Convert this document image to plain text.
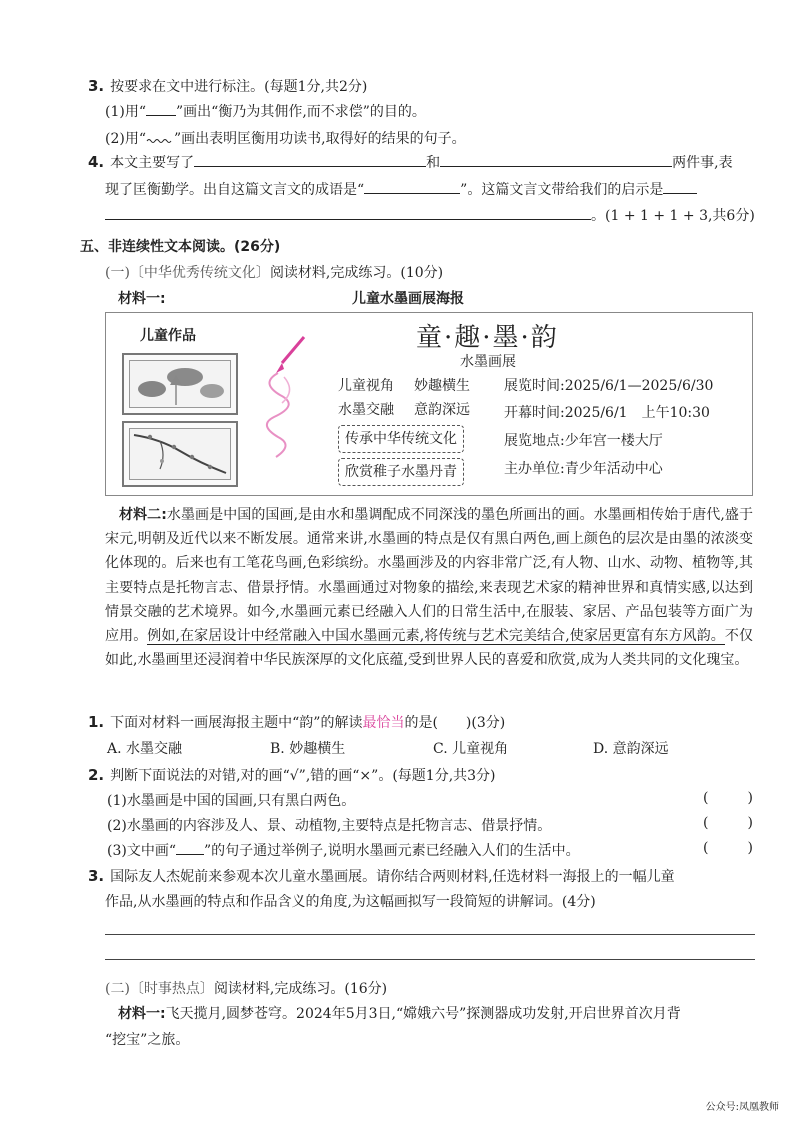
3. 按要求在文中进行标注。(每题1分,共2分)
(1)用“ ”画出“衡乃为其佣作,而不求偿”的目的。
(2)用“ ”画出表明匡衡用功读书,取得好的结果的句子。
4. 本文主要写了	和	两件事,表
现了匡衡勤学。出自这篇文言文的成语是“	”。这篇文言文带给我们的启示是
。(1 + 1 + 1 + 3,共6分)
五、非连续性文本阅读。(26分)
(一)〔中华优秀传统文化〕阅读材料,完成练习。(10分)
材料一:	儿童水墨画展海报
儿童作品	童·趣·墨·韵
水墨画展
儿童视角 妙趣横生
水墨交融 意韵深远
传承中华传统文化
欣赏稚子水墨丹青
展览时间:2025/6/1—2025/6/30
开幕时间:2025/6/1　上午10:30
展览地点:少年宫一楼大厅
主办单位:青少年活动中心

材料二:水墨画是中国的国画,是由水和墨调配成不同深浅的墨色所画出的画。水墨画相传始于唐代,盛于宋元,明朝及近代以来不断发展。通常来讲,水墨画的特点是仅有黑白两色,画上颜色的层次是由墨的浓淡变化体现的。后来也有工笔花鸟画,色彩缤纷。水墨画涉及的内容非常广泛,有人物、山水、动物、植物等,其主要特点是托物言志、借景抒情。水墨画通过对物象的描绘,来表现艺术家的精神世界和真情实感,以达到情景交融的艺术境界。如今,水墨画元素已经融入人们的日常生活中,在服装、家居、产品包装等方面广为应用。例如,在家居设计中经常融入中国水墨画元素,将传统与艺术完美结合,使家居更富有东方风韵。不仅如此,水墨画里还浸润着中华民族深厚的文化底蕴,受到世界人民的喜爱和欣赏,成为人类共同的文化瑰宝。

1. 下面对材料一画展海报主题中“韵”的解读最恰当的是(　　)(3分)
A. 水墨交融	B. 妙趣横生	C. 儿童视角	D. 意韵深远
2. 判断下面说法的对错,对的画“√”,错的画“×”。(每题1分,共3分)
(1)水墨画是中国的国画,只有黑白两色。	(	)
(2)水墨画的内容涉及人、景、动植物,主要特点是托物言志、借景抒情。	(	)
(3)文中画“ ”的句子通过举例子,说明水墨画元素已经融入人们的生活中。	(	)
3. 国际友人杰妮前来参观本次儿童水墨画展。请你结合两则材料,任选材料一海报上的一幅儿童
作品,从水墨画的特点和作品含义的角度,为这幅画拟写一段简短的讲解词。(4分)
(二)〔时事热点〕阅读材料,完成练习。(16分)
材料一:飞天揽月,圆梦苍穹。2024年5月3日,“嫦娥六号”探测器成功发射,开启世界首次月背
“挖宝”之旅。
公众号:凤凰教师
